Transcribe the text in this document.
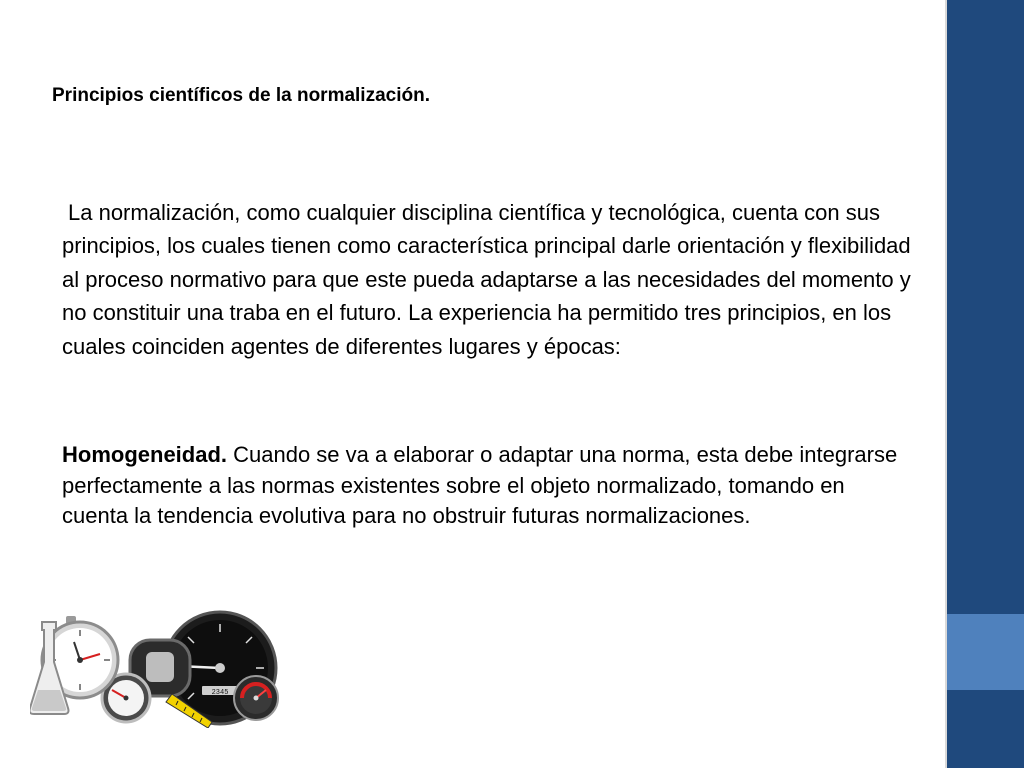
Principios científicos de la normalización.

La normalización, como cualquier disciplina científica y tecnológica, cuenta con sus principios, los cuales tienen como característica principal darle orientación y flexibilidad al proceso normativo para que este pueda adaptarse a las necesidades del momento y no constituir una traba en el futuro. La experiencia ha permitido tres principios, en los cuales coinciden agentes de diferentes lugares y épocas:

Homogeneidad. Cuando se va a elaborar o adaptar una norma, esta debe integrarse perfectamente a las normas existentes sobre el objeto normalizado, tomando en cuenta la tendencia evolutiva para no obstruir futuras normalizaciones.

2345
